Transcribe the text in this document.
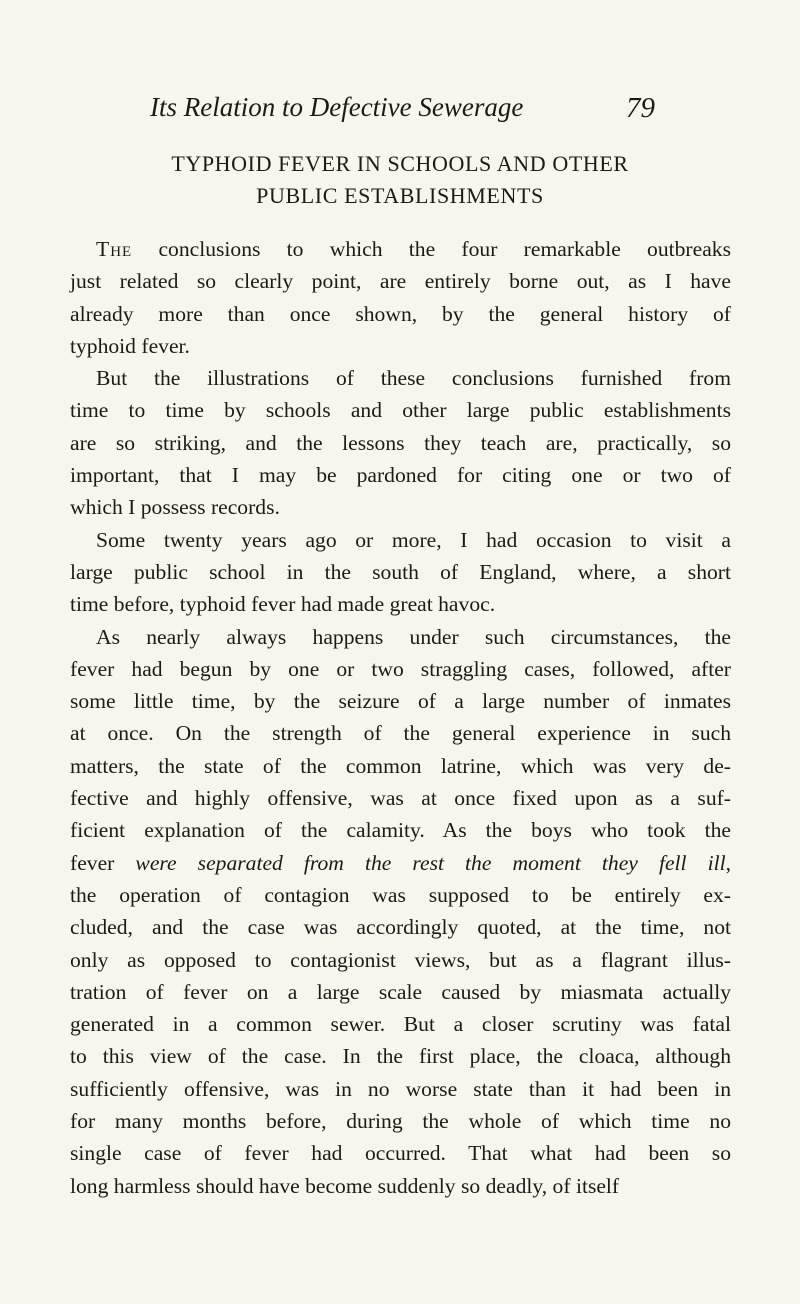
Its Relation to Defective Sewerage	79
TYPHOID FEVER IN SCHOOLS AND OTHER
PUBLIC ESTABLISHMENTS

The conclusions to which the four remarkable outbreaks
just related so clearly point, are entirely borne out, as I have
already more than once shown, by the general history of
typhoid fever.

But the illustrations of these conclusions furnished from
time to time by schools and other large public establishments
are so striking, and the lessons they teach are, practically, so
important, that I may be pardoned for citing one or two of
which I possess records.

Some twenty years ago or more, I had occasion to visit a
large public school in the south of England, where, a short
time before, typhoid fever had made great havoc.

As nearly always happens under such circumstances, the
fever had begun by one or two straggling cases, followed, after
some little time, by the seizure of a large number of inmates
at once. On the strength of the general experience in such
matters, the state of the common latrine, which was very de-
fective and highly offensive, was at once fixed upon as a suf-
ficient explanation of the calamity. As the boys who took the
fever were separated from the rest the moment they fell ill,
the operation of contagion was supposed to be entirely ex-
cluded, and the case was accordingly quoted, at the time, not
only as opposed to contagionist views, but as a flagrant illus-
tration of fever on a large scale caused by miasmata actually
generated in a common sewer. But a closer scrutiny was fatal
to this view of the case. In the first place, the cloaca, although
sufficiently offensive, was in no worse state than it had been in
for many months before, during the whole of which time no
single case of fever had occurred. That what had been so
long harmless should have become suddenly so deadly, of itself
